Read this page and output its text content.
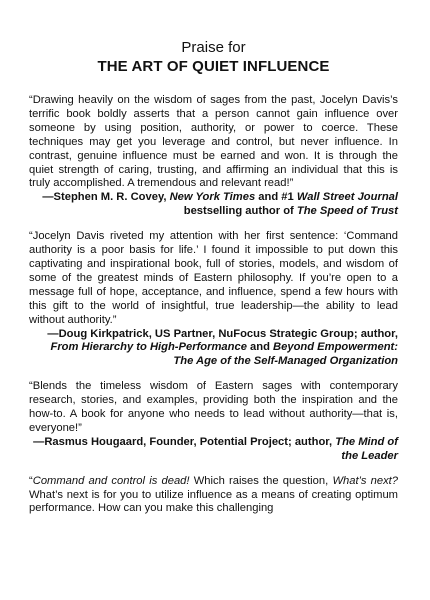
Praise for
THE ART OF QUIET INFLUENCE

“Drawing heavily on the wisdom of sages from the past, Jocelyn Davis’s terrific book boldly asserts that a person cannot gain influence over someone by using position, authority, or power to coerce. These techniques may get you leverage and control, but never influence. In contrast, genuine influence must be earned and won. It is through the quiet strength of caring, trusting, and affirming an individual that this is truly accomplished. A tremendous and relevant read!”

—Stephen M. R. Covey, New York Times and #1 Wall Street Journal bestselling author of The Speed of Trust

“Jocelyn Davis riveted my attention with her first sentence: ‘Command authority is a poor basis for life.’ I found it impossible to put down this captivating and inspirational book, full of stories, models, and wisdom of some of the greatest minds of Eastern philosophy. If you’re open to a message full of hope, acceptance, and influence, spend a few hours with this gift to the world of insightful, true leadership—the ability to lead without authority.”

—Doug Kirkpatrick, US Partner, NuFocus Strategic Group; author, From Hierarchy to High-Performance and Beyond Empowerment: The Age of the Self-Managed Organization

“Blends the timeless wisdom of Eastern sages with contemporary research, stories, and examples, providing both the inspiration and the how-to. A book for anyone who needs to lead without authority—that is, everyone!”

—Rasmus Hougaard, Founder, Potential Project; author, The Mind of the Leader

“Command and control is dead! Which raises the question, What’s next? What’s next is for you to utilize influence as a means of creating optimum performance. How can you make this challenging
